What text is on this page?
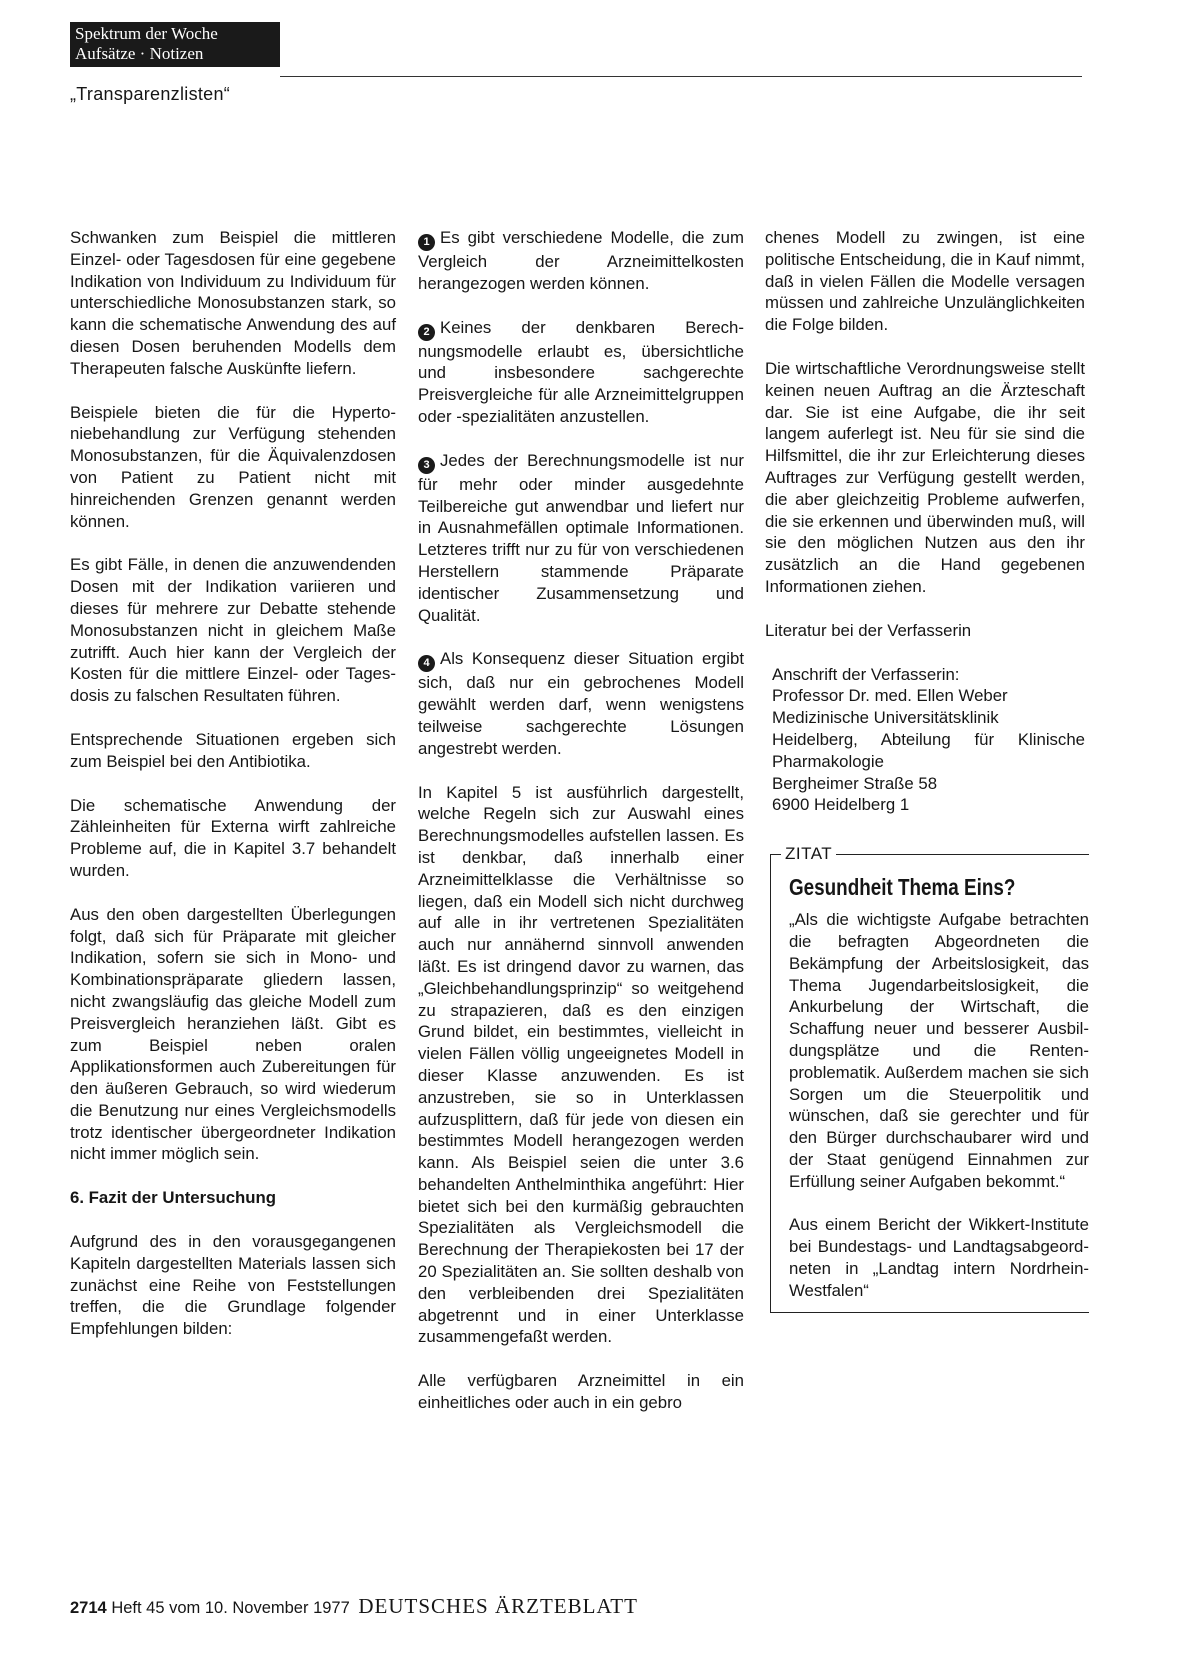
Spektrum der Woche
Aufsätze · Notizen
„Transparenzlisten“

Schwanken zum Beispiel die mittleren Einzel- oder Tagesdosen für eine gegebene Indikation von Individuum zu Individuum für unterschiedliche Monosubstanzen stark, so kann die schematische Anwendung des auf diesen Dosen beruhenden Modells dem Therapeuten falsche Auskünfte liefern.

Beispiele bieten die für die Hypertoniebehandlung zur Verfügung stehenden Monosubstanzen, für die Äquivalenzdosen von Patient zu Patient nicht mit hinreichenden Grenzen genannt werden können.

Es gibt Fälle, in denen die anzuwendenden Dosen mit der Indikation variieren und dieses für mehrere zur Debatte stehende Monosubstanzen nicht in gleichem Maße zutrifft. Auch hier kann der Vergleich der Kosten für die mittlere Einzel- oder Tagesdosis zu falschen Resultaten führen.

Entsprechende Situationen ergeben sich zum Beispiel bei den Antibiotika.

Die schematische Anwendung der Zähleinheiten für Externa wirft zahlreiche Probleme auf, die in Kapitel 3.7 behandelt wurden.

Aus den oben dargestellten Überlegungen folgt, daß sich für Präparate mit gleicher Indikation, sofern sie sich in Mono- und Kombinationspräparate gliedern lassen, nicht zwangsläufig das gleiche Modell zum Preisvergleich heranziehen läßt. Gibt es zum Beispiel neben oralen Applikationsformen auch Zubereitungen für den äußeren Gebrauch, so wird wiederum die Benutzung nur eines Vergleichsmodells trotz identischer übergeordneter Indikation nicht immer möglich sein.

6. Fazit der Untersuchung

Aufgrund des in den vorausgegangenen Kapiteln dargestellten Materials lassen sich zunächst eine Reihe von Feststellungen treffen, die die Grundlage folgender Empfehlungen bilden:

1 Es gibt verschiedene Modelle, die zum Vergleich der Arzneimittelkosten herangezogen werden können.

2 Keines der denkbaren Berechnungsmodelle erlaubt es, übersichtliche und insbesondere sachgerechte Preisvergleiche für alle Arzneimittelgruppen oder -spezialitäten anzustellen.

3 Jedes der Berechnungsmodelle ist nur für mehr oder minder ausgedehnte Teilbereiche gut anwendbar und liefert nur in Ausnahmefällen optimale Informationen. Letzteres trifft nur zu für von verschiedenen Herstellern stammende Präparate identischer Zusammensetzung und Qualität.

4 Als Konsequenz dieser Situation ergibt sich, daß nur ein gebrochenes Modell gewählt werden darf, wenn wenigstens teilweise sachgerechte Lösungen angestrebt werden.

In Kapitel 5 ist ausführlich dargestellt, welche Regeln sich zur Auswahl eines Berechnungsmodelles aufstellen lassen. Es ist denkbar, daß innerhalb einer Arzneimittelklasse die Verhältnisse so liegen, daß ein Modell sich nicht durchweg auf alle in ihr vertretenen Spezialitäten auch nur annähernd sinnvoll anwenden läßt. Es ist dringend davor zu warnen, das „Gleichbehandlungsprinzip“ so weitgehend zu strapazieren, daß es den einzigen Grund bildet, ein bestimmtes, vielleicht in vielen Fällen völlig ungeeignetes Modell in dieser Klasse anzuwenden. Es ist anzustreben, sie so in Unterklassen aufzusplittern, daß für jede von diesen ein bestimmtes Modell herangezogen werden kann. Als Beispiel seien die unter 3.6 behandelten Anthelminthika angeführt: Hier bietet sich bei den kurmäßig gebrauchten Spezialitäten als Vergleichsmodell die Berechnung der Therapiekosten bei 17 der 20 Spezialitäten an. Sie sollten deshalb von den verbleibenden drei Spezialitäten abgetrennt und in einer Unterklasse zusammengefaßt werden.

Alle verfügbaren Arzneimittel in ein einheitliches oder auch in ein gebro

chenes Modell zu zwingen, ist eine politische Entscheidung, die in Kauf nimmt, daß in vielen Fällen die Modelle versagen müssen und zahlreiche Unzulänglichkeiten die Folge bilden.

Die wirtschaftliche Verordnungsweise stellt keinen neuen Auftrag an die Ärzteschaft dar. Sie ist eine Aufgabe, die ihr seit langem auferlegt ist. Neu für sie sind die Hilfsmittel, die ihr zur Erleichterung dieses Auftrages zur Verfügung gestellt werden, die aber gleichzeitig Probleme aufwerfen, die sie erkennen und überwinden muß, will sie den möglichen Nutzen aus den ihr zusätzlich an die Hand gegebenen Informationen ziehen.

Literatur bei der Verfasserin

Anschrift der Verfasserin:
Professor Dr. med. Ellen Weber
Medizinische Universitätsklinik
Heidelberg, Abteilung für Klinische Pharmakologie
Bergheimer Straße 58
6900 Heidelberg 1
ZITAT
Gesundheit Thema Eins?

„Als die wichtigste Aufgabe betrachten die befragten Abgeordneten die Bekämpfung der Arbeitslosigkeit, das Thema Jugendarbeitslosigkeit, die Ankurbelung der Wirtschaft, die Schaffung neuer und besserer Ausbildungsplätze und die Rentenproblematik. Außerdem machen sie sich Sorgen um die Steuerpolitik und wünschen, daß sie gerechter und für den Bürger durchschaubarer wird und der Staat genügend Einnahmen zur Erfüllung seiner Aufgaben bekommt.“

Aus einem Bericht der Wikkert-Institute bei Bundestags- und Landtagsabgeordneten in „Landtag intern Nordrhein-Westfalen“

2714 Heft 45 vom 10. November 1977 DEUTSCHES ÄRZTEBLATT
